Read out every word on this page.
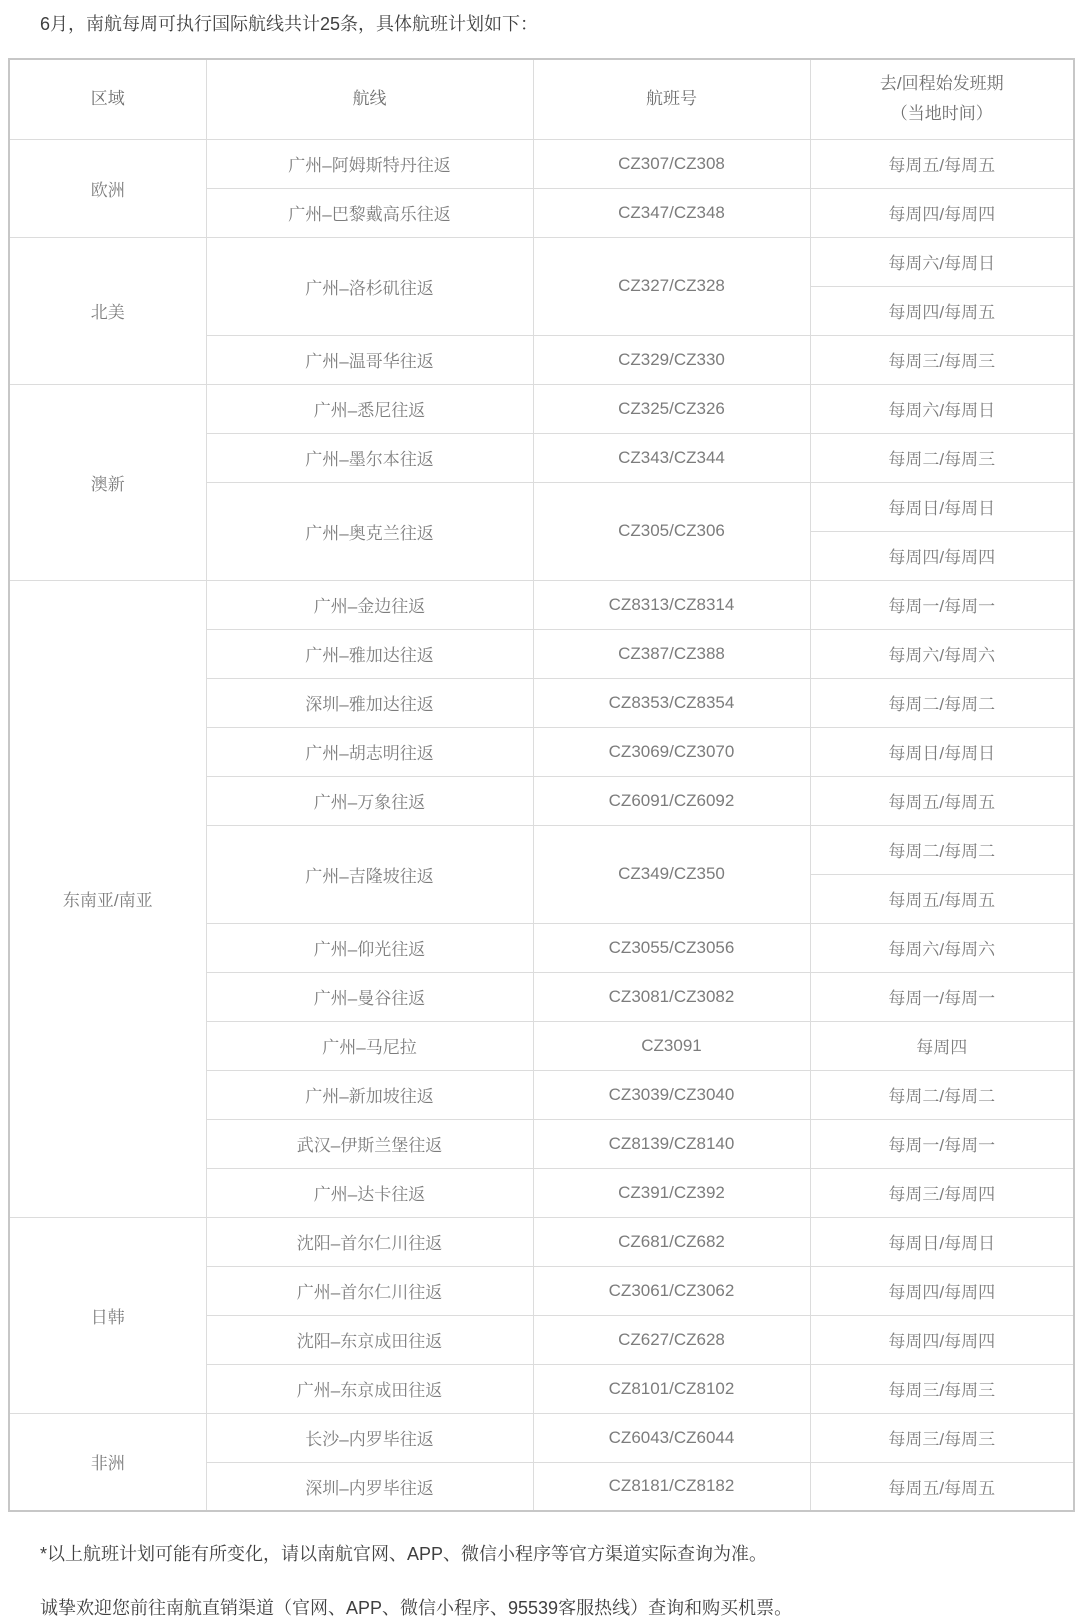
6月，南航每周可执行国际航线共计25条，具体航班计划如下：

区域	航线	航班号	去/回程始发班期
（当地时间）

欧洲	广州–阿姆斯特丹往返	CZ307/CZ308	每周五/每周五
	广州–巴黎戴高乐往返	CZ347/CZ348	每周四/每周四
北美	广州–洛杉矶往返	CZ327/CZ328	每周六/每周日
			每周四/每周五
	广州–温哥华往返	CZ329/CZ330	每周三/每周三
澳新	广州–悉尼往返	CZ325/CZ326	每周六/每周日
	广州–墨尔本往返	CZ343/CZ344	每周二/每周三
	广州–奥克兰往返	CZ305/CZ306	每周日/每周日
			每周四/每周四
东南亚/南亚	广州–金边往返	CZ8313/CZ8314	每周一/每周一
	广州–雅加达往返	CZ387/CZ388	每周六/每周六
	深圳–雅加达往返	CZ8353/CZ8354	每周二/每周二
	广州–胡志明往返	CZ3069/CZ3070	每周日/每周日
	广州–万象往返	CZ6091/CZ6092	每周五/每周五
	广州–吉隆坡往返	CZ349/CZ350	每周二/每周二
			每周五/每周五
	广州–仰光往返	CZ3055/CZ3056	每周六/每周六
	广州–曼谷往返	CZ3081/CZ3082	每周一/每周一
	广州–马尼拉	CZ3091	每周四
	广州–新加坡往返	CZ3039/CZ3040	每周二/每周二
	武汉–伊斯兰堡往返	CZ8139/CZ8140	每周一/每周一
	广州–达卡往返	CZ391/CZ392	每周三/每周四
日韩	沈阳–首尔仁川往返	CZ681/CZ682	每周日/每周日
	广州–首尔仁川往返	CZ3061/CZ3062	每周四/每周四
	沈阳–东京成田往返	CZ627/CZ628	每周四/每周四
	广州–东京成田往返	CZ8101/CZ8102	每周三/每周三
非洲	长沙–内罗毕往返	CZ6043/CZ6044	每周三/每周三
	深圳–内罗毕往返	CZ8181/CZ8182	每周五/每周五

*以上航班计划可能有所变化，请以南航官网、APP、微信小程序等官方渠道实际查询为准。

诚挚欢迎您前往南航直销渠道（官网、APP、微信小程序、95539客服热线）查询和购买机票。
